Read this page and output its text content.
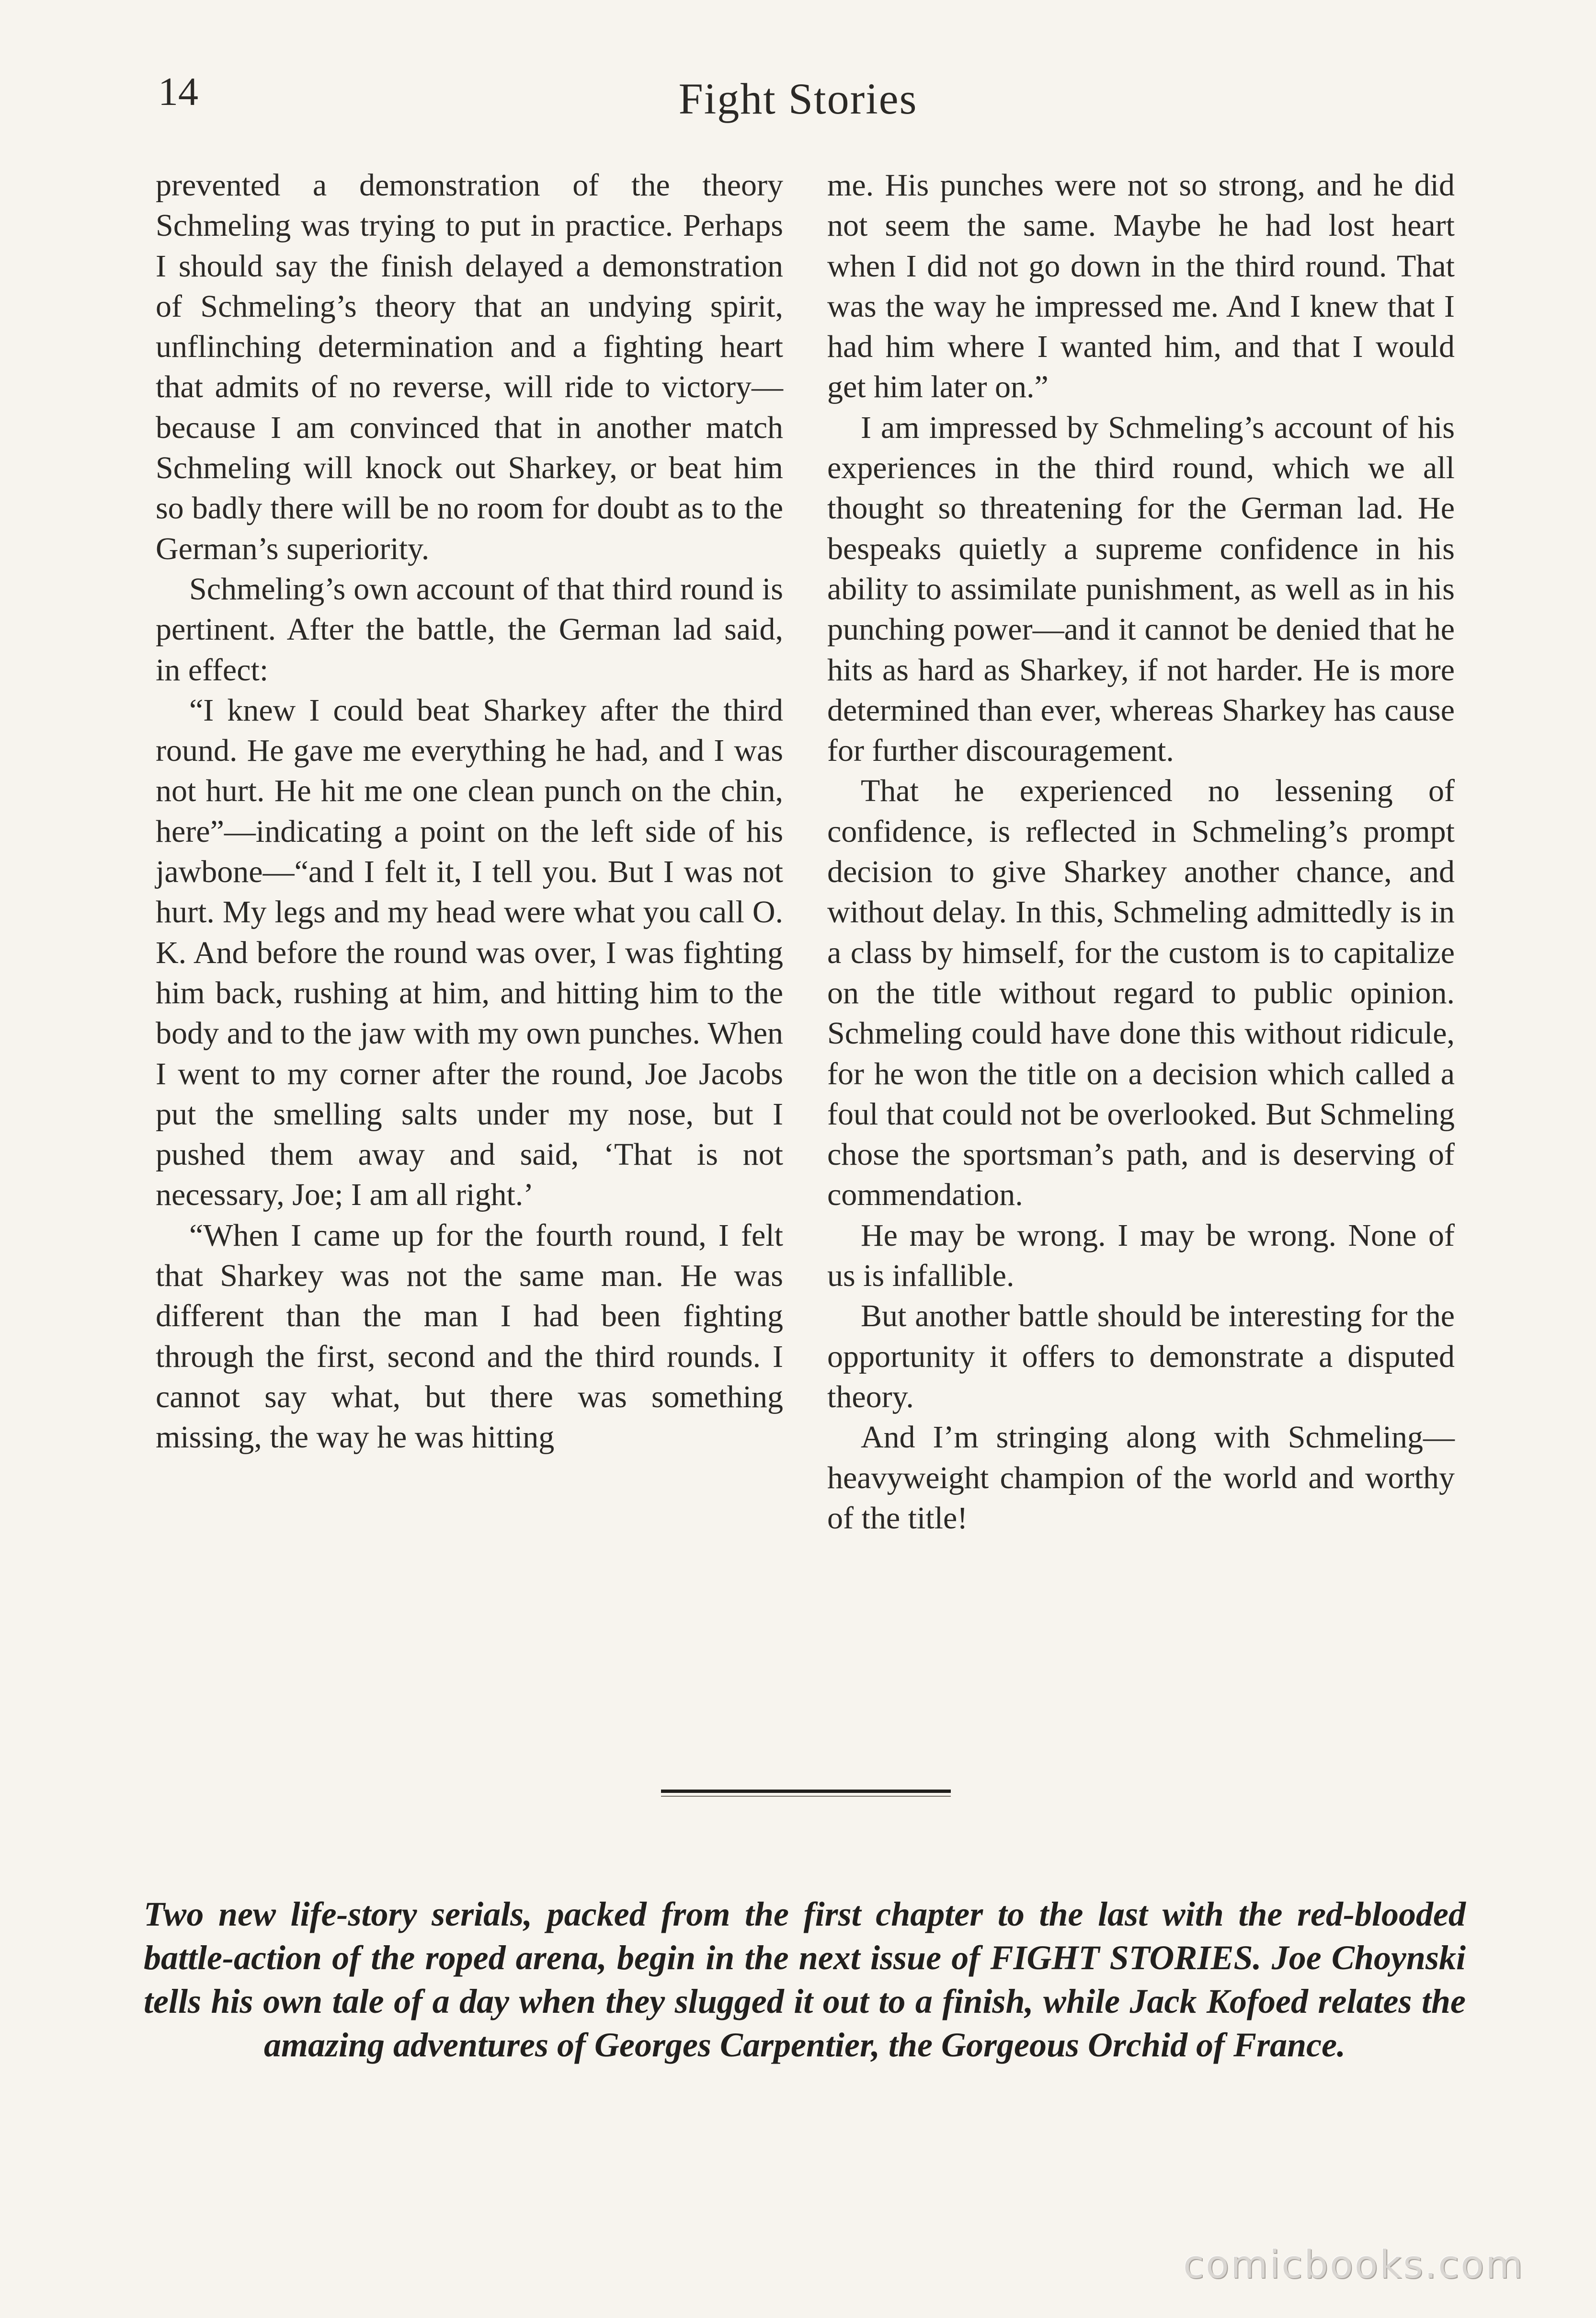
14	Fight Stories

prevented a demonstration of the theory Schmeling was trying to put in practice. Perhaps I should say the finish delayed a demonstration of Schmeling’s theory that an undying spirit, unflinching determination and a fighting heart that admits of no reverse, will ride to victory—because I am convinced that in another match Schmeling will knock out Sharkey, or beat him so badly there will be no room for doubt as to the German’s superiority.

Schmeling’s own account of that third round is pertinent. After the battle, the German lad said, in effect:

“I knew I could beat Sharkey after the third round. He gave me everything he had, and I was not hurt. He hit me one clean punch on the chin, here”—indicating a point on the left side of his jawbone—“and I felt it, I tell you. But I was not hurt. My legs and my head were what you call O. K. And before the round was over, I was fighting him back, rushing at him, and hitting him to the body and to the jaw with my own punches. When I went to my corner after the round, Joe Jacobs put the smelling salts under my nose, but I pushed them away and said, ‘That is not necessary, Joe; I am all right.’

“When I came up for the fourth round, I felt that Sharkey was not the same man. He was different than the man I had been fighting through the first, second and the third rounds. I cannot say what, but there was something missing, the way he was hitting

me. His punches were not so strong, and he did not seem the same. Maybe he had lost heart when I did not go down in the third round. That was the way he impressed me. And I knew that I had him where I wanted him, and that I would get him later on.”

I am impressed by Schmeling’s account of his experiences in the third round, which we all thought so threatening for the German lad. He bespeaks quietly a supreme confidence in his ability to assimilate punishment, as well as in his punching power—and it cannot be denied that he hits as hard as Sharkey, if not harder. He is more determined than ever, whereas Sharkey has cause for further discouragement.

That he experienced no lessening of confidence, is reflected in Schmeling’s prompt decision to give Sharkey another chance, and without delay. In this, Schmeling admittedly is in a class by himself, for the custom is to capitalize on the title without regard to public opinion. Schmeling could have done this without ridicule, for he won the title on a decision which called a foul that could not be overlooked. But Schmeling chose the sportsman’s path, and is deserving of commendation.

He may be wrong. I may be wrong. None of us is infallible.

But another battle should be interesting for the opportunity it offers to demonstrate a disputed theory.

And I’m stringing along with Schmeling—heavyweight champion of the world and worthy of the title!

Two new life-story serials, packed from the first chapter to the last with the red-blooded battle-action of the roped arena, begin in the next issue of FIGHT STORIES. Joe Choynski tells his own tale of a day when they slugged it out to a finish, while Jack Kofoed relates the amazing adventures of Georges Carpentier, the Gorgeous Orchid of France.
comicbooks.com
